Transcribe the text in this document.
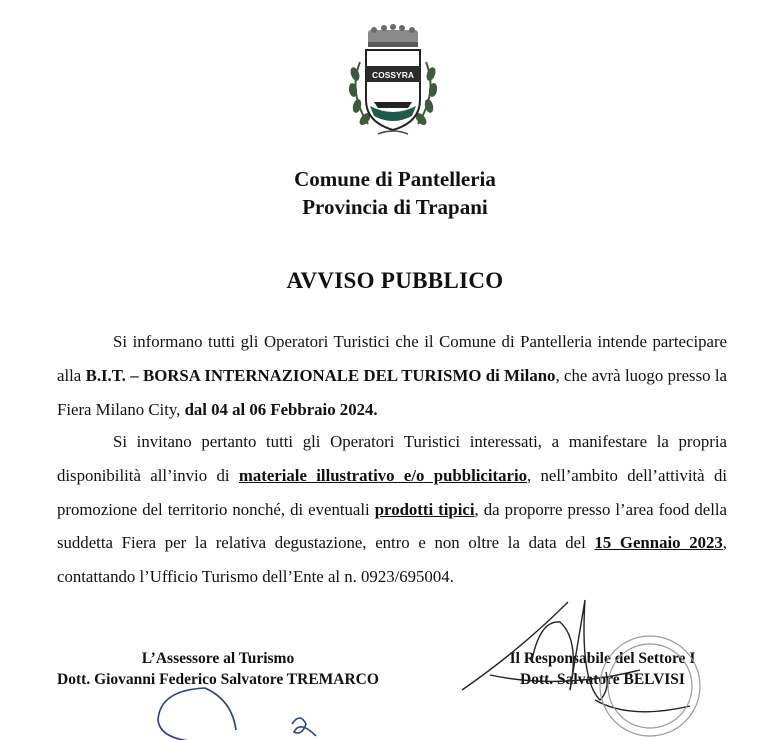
COSSYRA
Comune di Pantelleria
Provincia di Trapani
AVVISO PUBBLICO

Si informano tutti gli Operatori Turistici che il Comune di Pantelleria intende partecipare alla B.I.T. – BORSA INTERNAZIONALE DEL TURISMO di Milano, che avrà luogo presso la Fiera Milano City, dal 04 al 06 Febbraio 2024.

Si invitano pertanto tutti gli Operatori Turistici interessati, a manifestare la propria disponibilità all’invio di materiale illustrativo e/o pubblicitario, nell’ambito dell’attività di promozione del territorio nonché, di eventuali prodotti tipici, da proporre presso l’area food della suddetta Fiera per la relativa degustazione, entro e non oltre la data del 15 Gennaio 2023, contattando l’Ufficio Turismo dell’Ente al n. 0923/695004.

L’Assessore al Turismo
Dott. Giovanni Federico Salvatore TREMARCO
Il Responsabile del Settore I
Dott. Salvatore BELVISI
